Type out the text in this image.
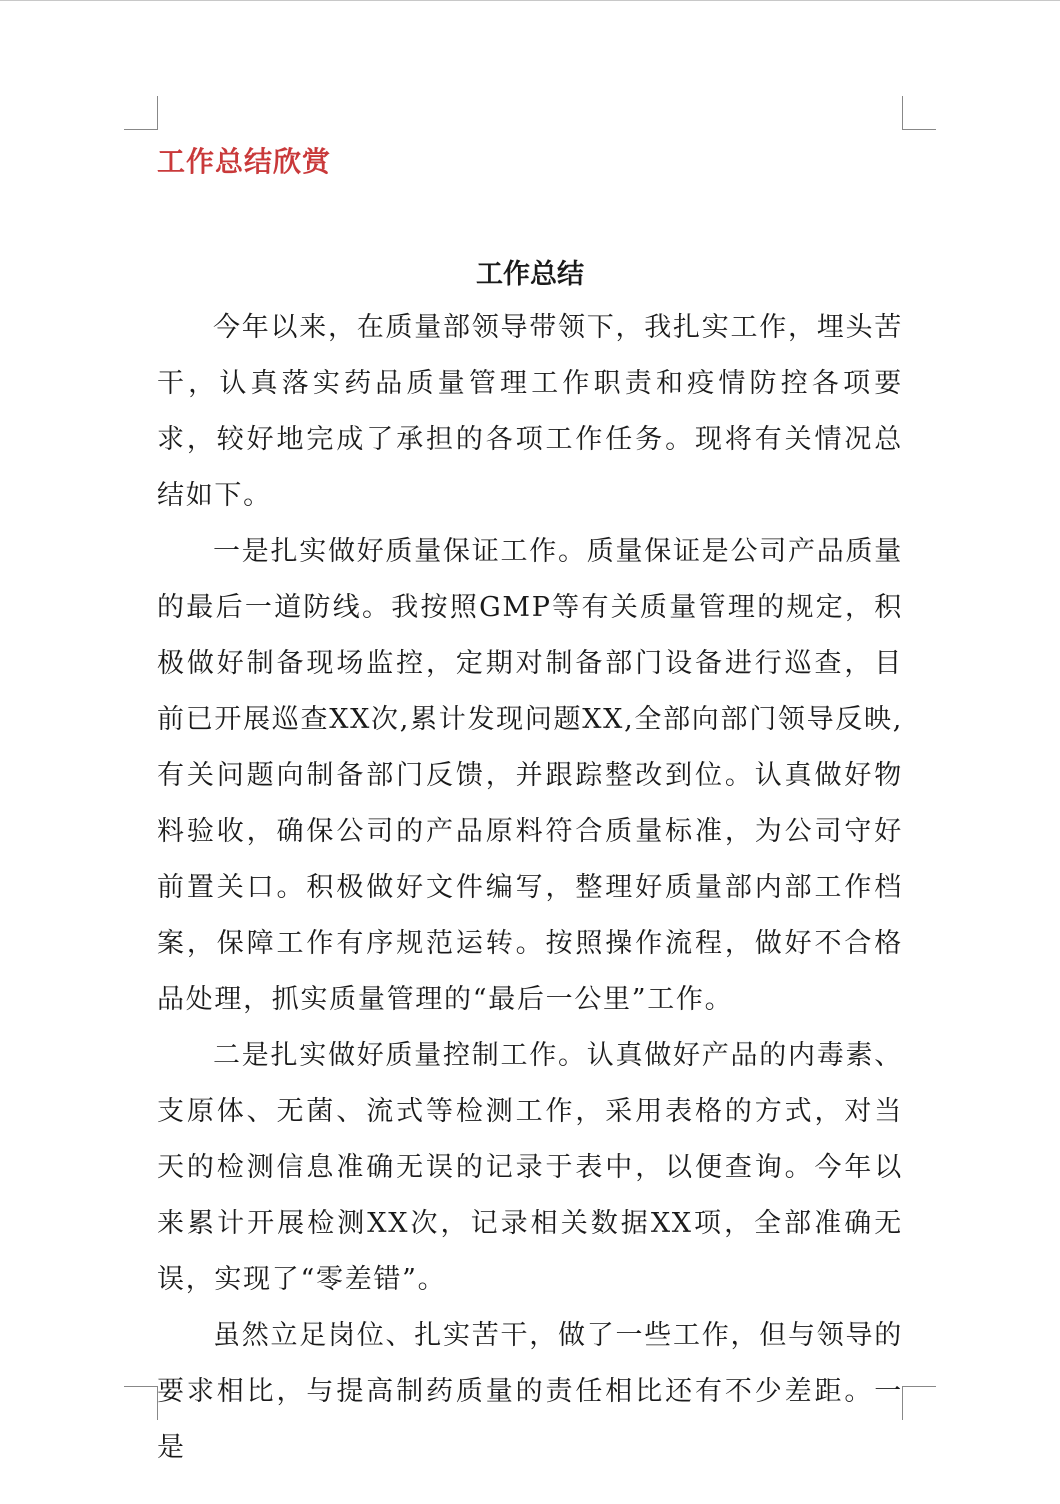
工作总结欣赏
工作总结

今年以来，在质量部领导带领下，我扎实工作，埋头苦干，认真落实药品质量管理工作职责和疫情防控各项要求，较好地完成了承担的各项工作任务。现将有关情况总结如下。

一是扎实做好质量保证工作。质量保证是公司产品质量的最后一道防线。我按照GMP等有关质量管理的规定，积极做好制备现场监控，定期对制备部门设备进行巡查，目前已开展巡查XX次,累计发现问题XX,全部向部门领导反映,有关问题向制备部门反馈，并跟踪整改到位。认真做好物料验收，确保公司的产品原料符合质量标准，为公司守好前置关口。积极做好文件编写，整理好质量部内部工作档案，保障工作有序规范运转。按照操作流程，做好不合格品处理，抓实质量管理的“最后一公里”工作。

二是扎实做好质量控制工作。认真做好产品的内毒素、支原体、无菌、流式等检测工作，采用表格的方式，对当天的检测信息准确无误的记录于表中，以便查询。今年以来累计开展检测XX次，记录相关数据XX项，全部准确无误，实现了“零差错”。

虽然立足岗位、扎实苦干，做了一些工作，但与领导的要求相比，与提高制药质量的责任相比还有不少差距。一是
